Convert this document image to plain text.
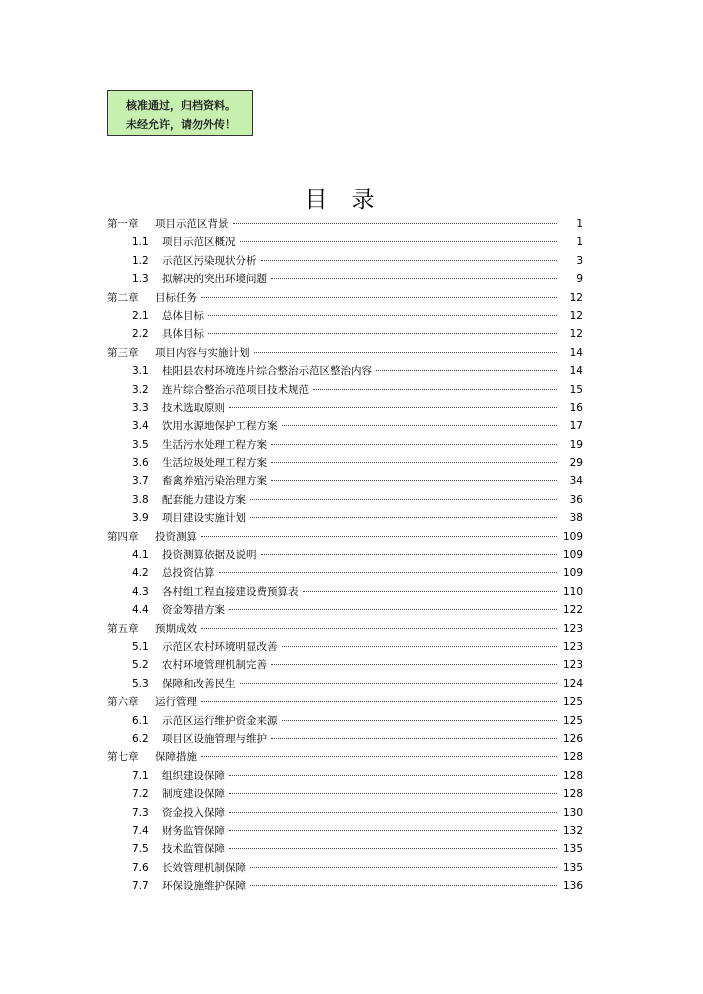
核准通过，归档资料。
未经允许，请勿外传！
目录
第一章	项目示范区背景	1
1.1	项目示范区概况	1
1.2	示范区污染现状分析	3
1.3	拟解决的突出环境问题	9
第二章	目标任务	12
2.1	总体目标	12
2.2	具体目标	12
第三章	项目内容与实施计划	14
3.1	桂阳县农村环境连片综合整治示范区整治内容	14
3.2	连片综合整治示范项目技术规范	15
3.3	技术选取原则	16
3.4	饮用水源地保护工程方案	17
3.5	生活污水处理工程方案	19
3.6	生活垃圾处理工程方案	29
3.7	畜禽养殖污染治理方案	34
3.8	配套能力建设方案	36
3.9	项目建设实施计划	38
第四章	投资测算	109
4.1	投资测算依据及说明	109
4.2	总投资估算	109
4.3	各村组工程直接建设费预算表	110
4.4	资金筹措方案	122
第五章	预期成效	123
5.1	示范区农村环境明显改善	123
5.2	农村环境管理机制完善	123
5.3	保障和改善民生	124
第六章	运行管理	125
6.1	示范区运行维护资金来源	125
6.2	项目区设施管理与维护	126
第七章	保障措施	128
7.1	组织建设保障	128
7.2	制度建设保障	128
7.3	资金投入保障	130
7.4	财务监管保障	132
7.5	技术监管保障	135
7.6	长效管理机制保障	135
7.7	环保设施维护保障	136
